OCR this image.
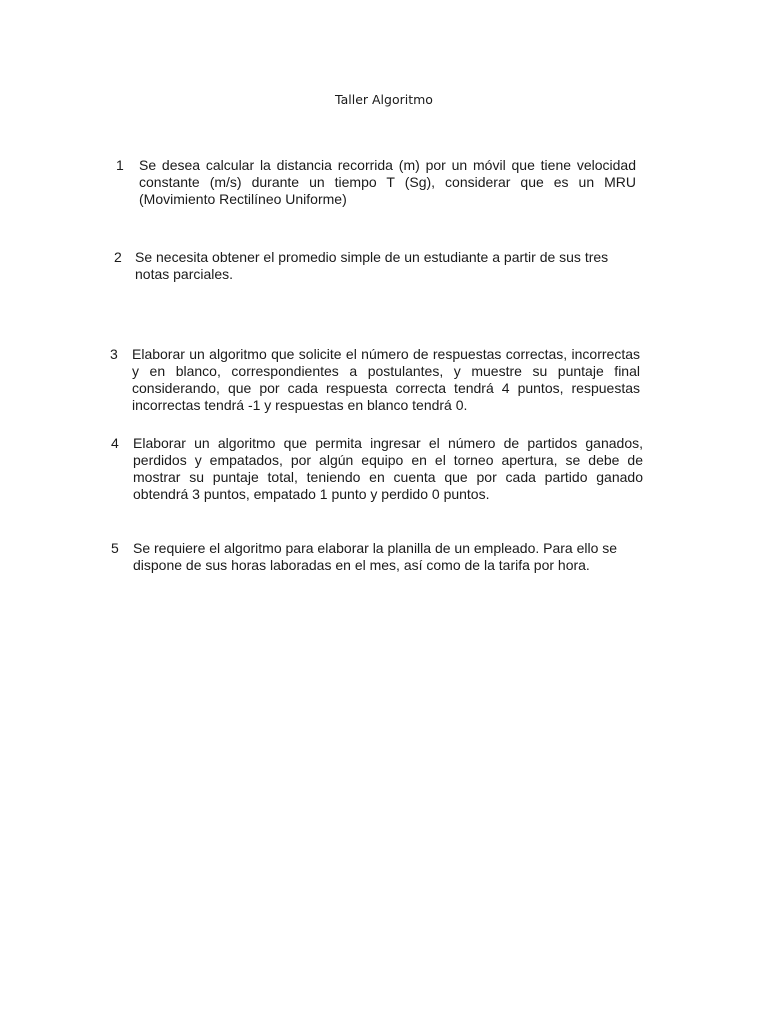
Taller Algoritmo
1 Se desea calcular la distancia recorrida (m) por un móvil que tiene velocidad constante (m/s) durante un tiempo T (Sg), considerar que es un MRU (Movimiento Rectilíneo Uniforme)
2 Se necesita obtener el promedio simple de un estudiante a partir de sus tres notas parciales.
3 Elaborar un algoritmo que solicite el número de respuestas correctas, incorrectas y en blanco, correspondientes a postulantes, y muestre su puntaje final considerando, que por cada respuesta correcta tendrá 4 puntos, respuestas incorrectas tendrá -1 y respuestas en blanco tendrá 0.
4 Elaborar un algoritmo que permita ingresar el número de partidos ganados, perdidos y empatados, por algún equipo en el torneo apertura, se debe de mostrar su puntaje total, teniendo en cuenta que por cada partido ganado obtendrá 3 puntos, empatado 1 punto y perdido 0 puntos.
5 Se requiere el algoritmo para elaborar la planilla de un empleado. Para ello se dispone de sus horas laboradas en el mes, así como de la tarifa por hora.
